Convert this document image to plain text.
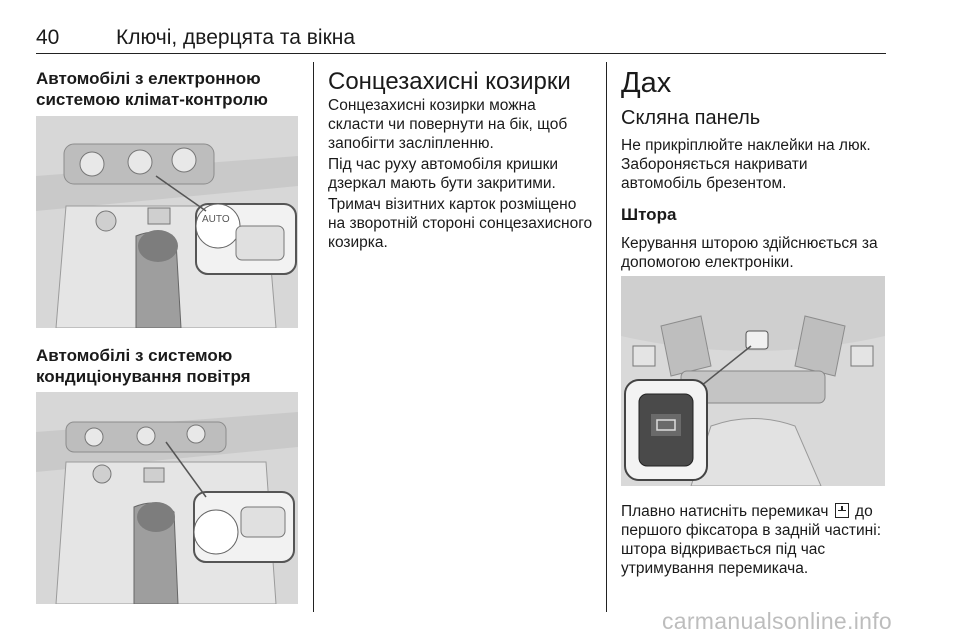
40	Ключі, дверцята та вікна

Автомобілі з електронною системою клімат-контролю

Автомобілі з системою кондиціонування повітря

AUTO

Сонцезахисні козирки

Сонцезахисні козирки можна скласти чи повернути на бік, щоб запобігти засліпленню.

Під час руху автомобіля кришки дзеркал мають бути закритими.

Тримач візитних карток розміщено на зворотній стороні сонцезахисного козирка.

Дах

Скляна панель

Не прикріплюйте наклейки на люк. Забороняється накривати автомобіль брезентом.

Штора

Керування шторою здійснюється за допомогою електроніки.

Плавно натисніть перемикач до першого фіксатора в задній частині: штора відкривається під час утримування перемикача.

carmanualsonline.info
